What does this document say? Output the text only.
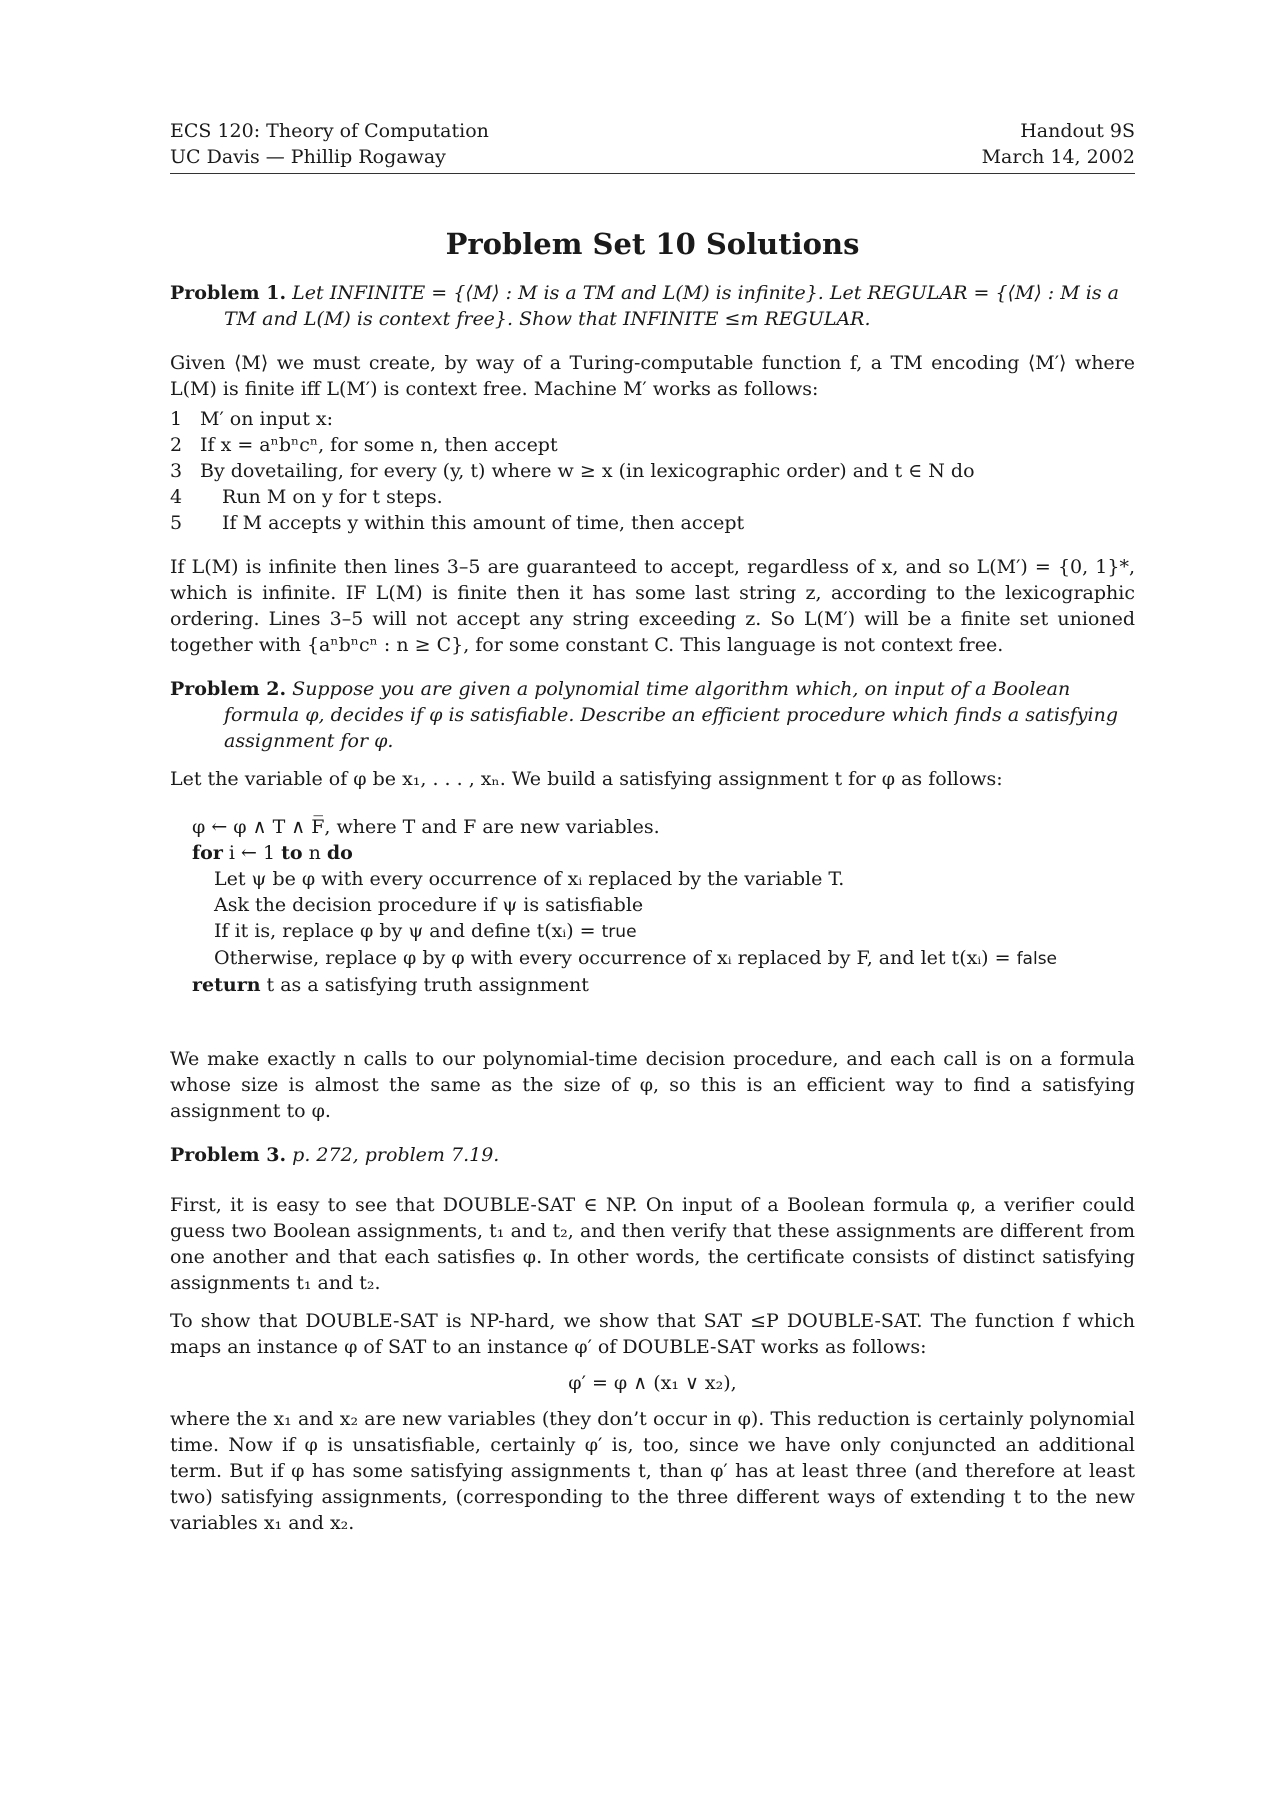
ECS 120: Theory of Computation
UC Davis — Phillip Rogaway
Handout 9S
March 14, 2002
Problem Set 10 Solutions
Problem 1. Let INFINITE = {⟨M⟩ : M is a TM and L(M) is infinite}. Let REGULAR = {⟨M⟩ : M is a TM and L(M) is context free}. Show that INFINITE ≤m REGULAR.

Given ⟨M⟩ we must create, by way of a Turing-computable function f, a TM encoding ⟨M′⟩ where L(M) is finite iff L(M′) is context free. Machine M′ works as follows:

1 M′ on input x:
2 If x = aⁿbⁿcⁿ, for some n, then accept
3 By dovetailing, for every (y, t) where w ≥ x (in lexicographic order) and t ∈ N do
4	Run M on y for t steps.
5	If M accepts y within this amount of time, then accept

If L(M) is infinite then lines 3–5 are guaranteed to accept, regardless of x, and so L(M′) = {0, 1}*, which is infinite. IF L(M) is finite then it has some last string z, according to the lexicographic ordering. Lines 3–5 will not accept any string exceeding z. So L(M′) will be a finite set unioned together with {aⁿbⁿcⁿ : n ≥ C}, for some constant C. This language is not context free.

Problem 2. Suppose you are given a polynomial time algorithm which, on input of a Boolean formula φ, decides if φ is satisfiable. Describe an efficient procedure which finds a satisfying assignment for φ.

Let the variable of φ be x₁, . . . , xₙ. We build a satisfying assignment t for φ as follows:

φ ← φ ∧ T ∧ F̅, where T and F are new variables.
for i ← 1 to n do
Let ψ be φ with every occurrence of xᵢ replaced by the variable T.
Ask the decision procedure if ψ is satisfiable
If it is, replace φ by ψ and define t(xᵢ) = true
Otherwise, replace φ by φ with every occurrence of xᵢ replaced by F, and let t(xᵢ) = false
return t as a satisfying truth assignment

We make exactly n calls to our polynomial-time decision procedure, and each call is on a formula whose size is almost the same as the size of φ, so this is an efficient way to find a satisfying assignment to φ.

Problem 3. p. 272, problem 7.19.

First, it is easy to see that DOUBLE-SAT ∈ NP. On input of a Boolean formula φ, a verifier could guess two Boolean assignments, t₁ and t₂, and then verify that these assignments are different from one another and that each satisfies φ. In other words, the certificate consists of distinct satisfying assignments t₁ and t₂.

To show that DOUBLE-SAT is NP-hard, we show that SAT ≤P DOUBLE-SAT. The function f which maps an instance φ of SAT to an instance φ′ of DOUBLE-SAT works as follows:

φ′ = φ ∧ (x₁ ∨ x₂),

where the x₁ and x₂ are new variables (they don’t occur in φ). This reduction is certainly polynomial time. Now if φ is unsatisfiable, certainly φ′ is, too, since we have only conjuncted an additional term. But if φ has some satisfying assignments t, than φ′ has at least three (and therefore at least two) satisfying assignments, (corresponding to the three different ways of extending t to the new variables x₁ and x₂.
